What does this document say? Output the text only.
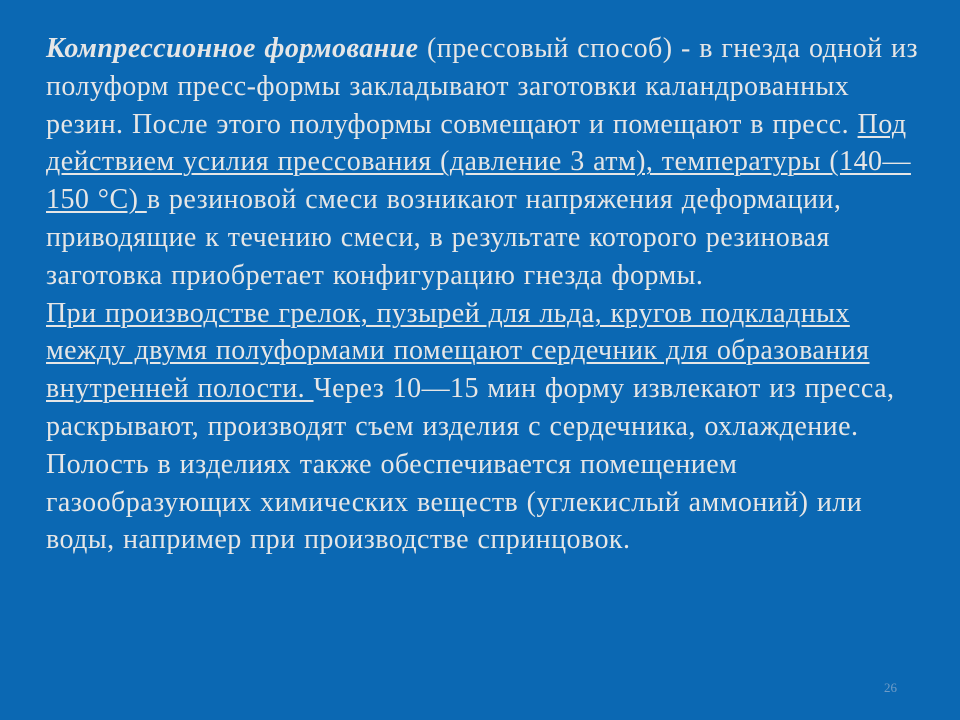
Компрессионное формование (прессовый способ) - в гнезда одной из полуформ пресс-формы закладывают заготовки каландрованных резин. После этого полуформы совмещают и помещают в пресс. Под действием усилия прессования (давление 3 атм), температуры (140—150 °С) в резиновой смеси возникают напряжения деформации, приводящие к течению смеси, в результате которого резиновая заготовка приобретает конфигурацию гнезда формы.

При производстве грелок, пузырей для льда, кругов подкладных между двумя полуформами помещают сердечник для образования внутренней полости. Через 10—15 мин форму извлекают из пресса, раскрывают, производят съем изделия с сердечника, охлаждение.

Полость в изделиях также обеспечивается помещением газообразующих химических веществ (углекислый аммоний) или воды, например при производстве спринцовок.

26
